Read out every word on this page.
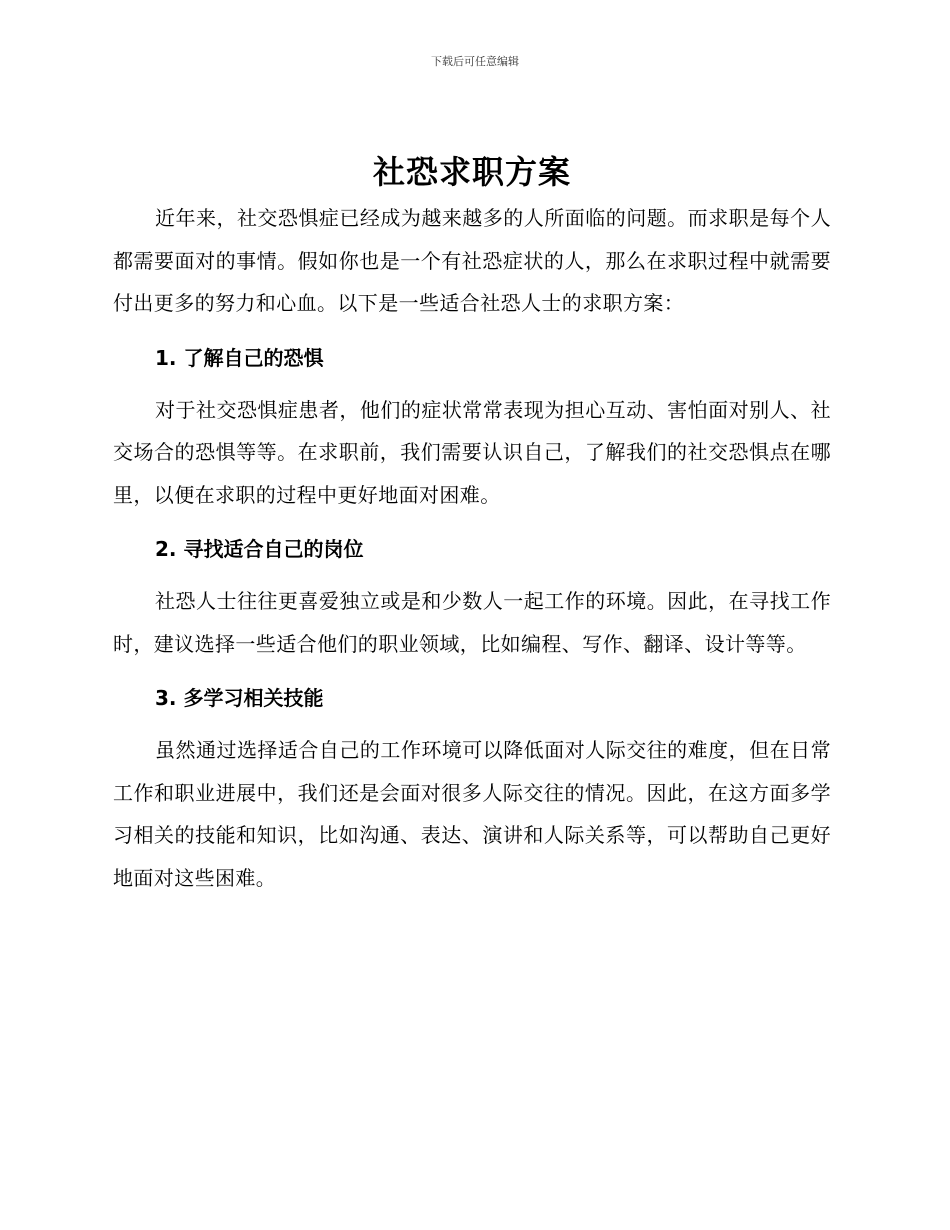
下载后可任意编辑
社恐求职方案

近年来，社交恐惧症已经成为越来越多的人所面临的问题。而求职是每个人都需要面对的事情。假如你也是一个有社恐症状的人，那么在求职过程中就需要付出更多的努力和心血。以下是一些适合社恐人士的求职方案：

1. 了解自己的恐惧

对于社交恐惧症患者，他们的症状常常表现为担心互动、害怕面对别人、社交场合的恐惧等等。在求职前，我们需要认识自己，了解我们的社交恐惧点在哪里，以便在求职的过程中更好地面对困难。

2. 寻找适合自己的岗位

社恐人士往往更喜爱独立或是和少数人一起工作的环境。因此，在寻找工作时，建议选择一些适合他们的职业领域，比如编程、写作、翻译、设计等等。

3. 多学习相关技能

虽然通过选择适合自己的工作环境可以降低面对人际交往的难度，但在日常工作和职业进展中，我们还是会面对很多人际交往的情况。因此，在这方面多学习相关的技能和知识，比如沟通、表达、演讲和人际关系等，可以帮助自己更好地面对这些困难。
